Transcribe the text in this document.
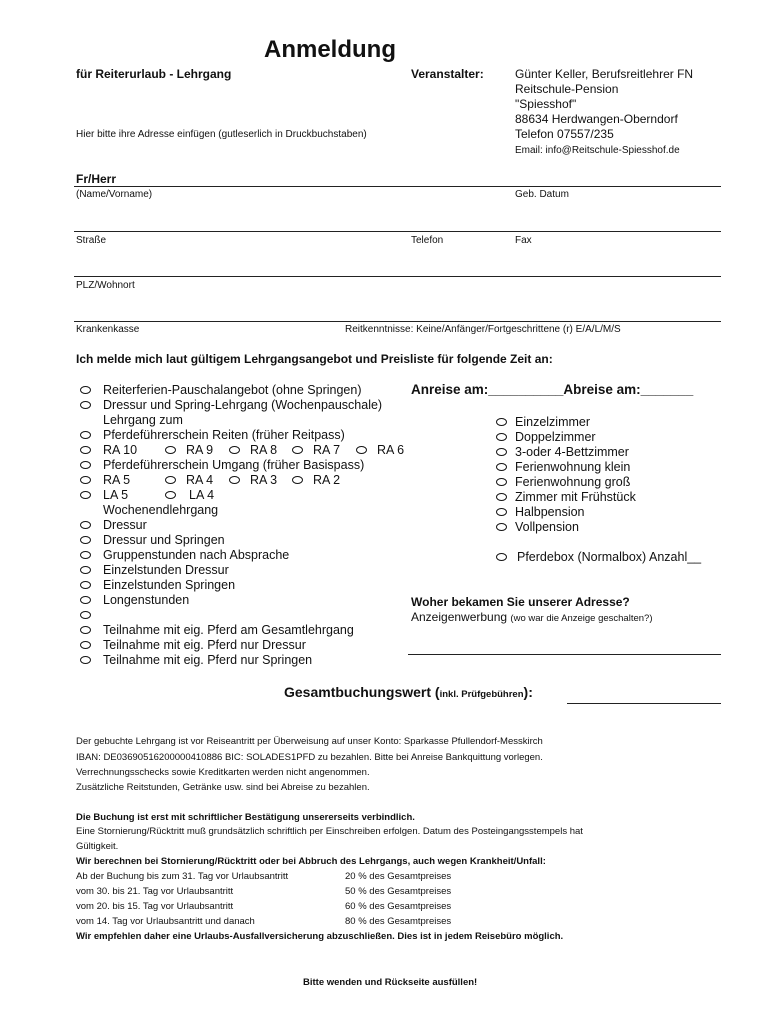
Anmeldung
für Reiterurlaub - Lehrgang	Veranstalter:	Günter Keller, Berufsreitlehrer FN
Reitschule-Pension
"Spiesshof"
88634 Herdwangen-Oberndorf
Telefon 07557/235
Email: info@Reitschule-Spiesshof.de
Hier bitte ihre Adresse einfügen (gutleserlich in Druckbuchstaben)
Fr/Herr
(Name/Vorname)	Geb. Datum
Straße	Telefon	Fax
PLZ/Wohnort
Krankenkasse	Reitkenntnisse: Keine/Anfänger/Fortgeschrittene (r) E/A/L/M/S
Ich melde mich laut gültigem Lehrgangsangebot und Preisliste für folgende Zeit an:
Reiterferien-Pauschalangebot (ohne Springen)
Dressur und Spring-Lehrgang (Wochenpauschale)
Lehrgang zum
Pferdeführerschein Reiten (früher Reitpass)
RA 10	RA 9	RA 8	RA 7	RA 6
Pferdeführerschein Umgang (früher Basispass)
RA 5	RA 4	RA 3	RA 2
LA 5	LA 4
Wochenendlehrgang
Dressur
Dressur und Springen
Gruppenstunden nach Absprache
Einzelstunden Dressur
Einzelstunden Springen
Longenstunden
Teilnahme mit eig. Pferd am Gesamtlehrgang
Teilnahme mit eig. Pferd nur Dressur
Teilnahme mit eig. Pferd nur Springen
Anreise am:__________Abreise am:_______
Einzelzimmer
Doppelzimmer
3-oder 4-Bettzimmer
Ferienwohnung klein
Ferienwohnung groß
Zimmer mit Frühstück
Halbpension
Vollpension
Pferdebox (Normalbox) Anzahl__
Woher bekamen Sie unserer Adresse?
Anzeigenwerbung (wo war die Anzeige geschalten?)
Gesamtbuchungswert (inkl. Prüfgebühren):
Der gebuchte Lehrgang ist vor Reiseantritt per Überweisung auf unser Konto: Sparkasse Pfullendorf-Messkirch
IBAN: DE03690516200000410886 BIC: SOLADES1PFD zu bezahlen. Bitte bei Anreise Bankquittung vorlegen.
Verrechnungsschecks sowie Kreditkarten werden nicht angenommen.
Zusätzliche Reitstunden, Getränke usw. sind bei Abreise zu bezahlen.
Die Buchung ist erst mit schriftlicher Bestätigung unsererseits verbindlich.
Eine Stornierung/Rücktritt muß grundsätzlich schriftlich per Einschreiben erfolgen. Datum des Posteingangsstempels hat
Gültigkeit.
Wir berechnen bei Stornierung/Rücktritt oder bei Abbruch des Lehrgangs, auch wegen Krankheit/Unfall:
Ab der Buchung bis zum 31. Tag vor Urlaubsantritt	20 % des Gesamtpreises
vom 30. bis 21. Tag vor Urlaubsantritt	50 % des Gesamtpreises
vom 20. bis 15. Tag vor Urlaubsantritt	60 % des Gesamtpreises
vom 14. Tag vor Urlaubsantritt und danach	80 % des Gesamtpreises
Wir empfehlen daher eine Urlaubs-Ausfallversicherung abzuschließen. Dies ist in jedem Reisebüro möglich.
Bitte wenden und Rückseite ausfüllen!
